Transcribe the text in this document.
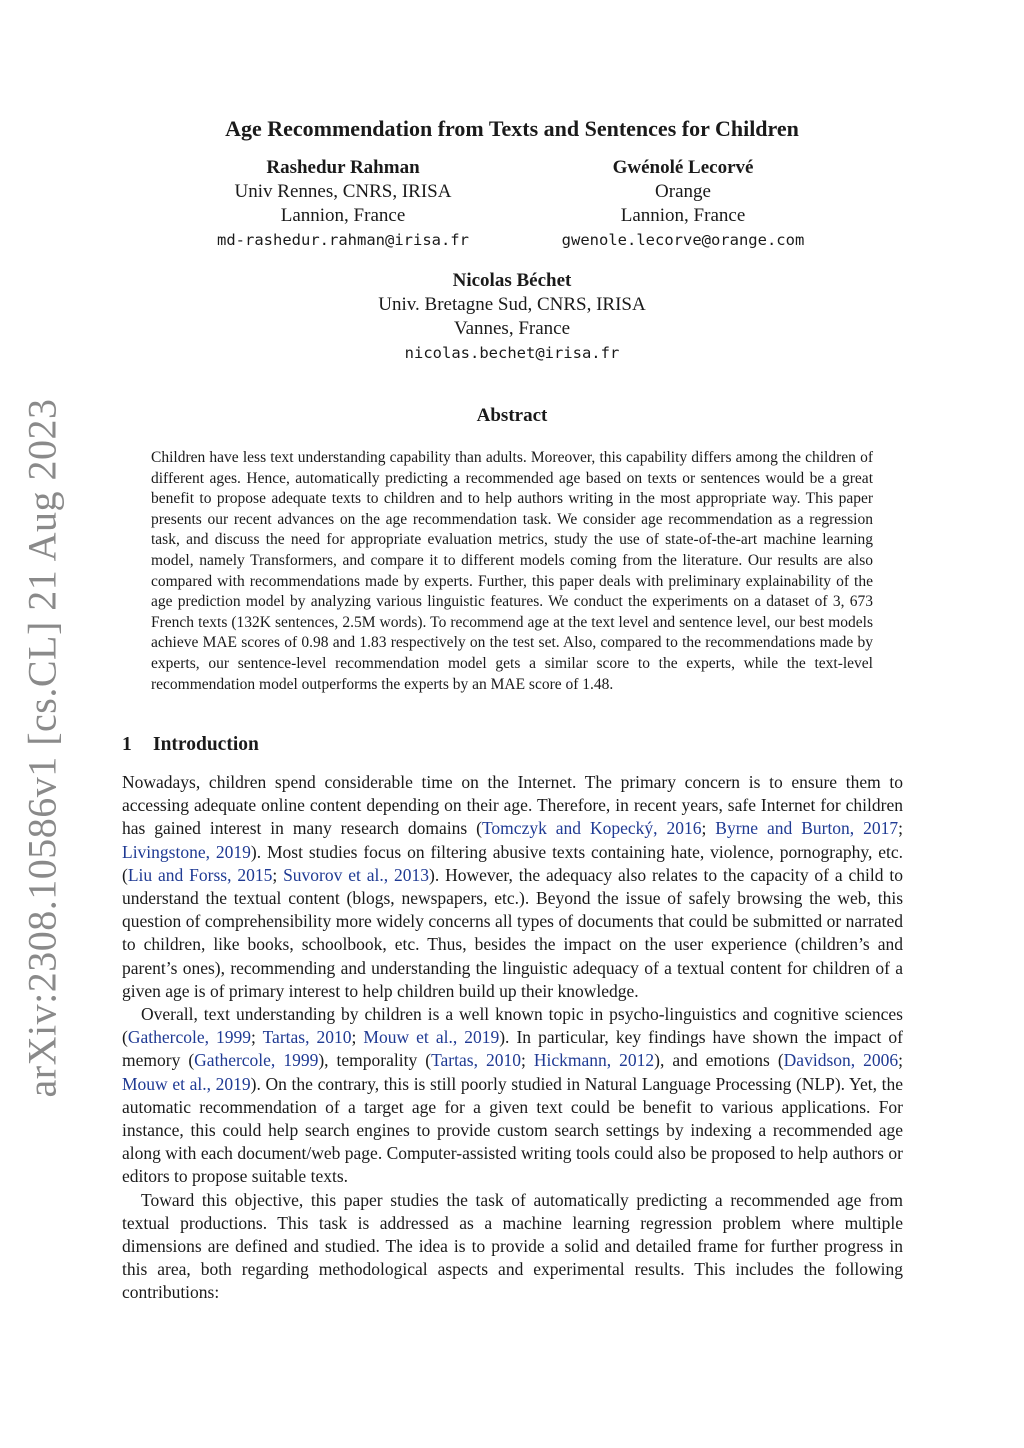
arXiv:2308.10586v1 [cs.CL] 21 Aug 2023
Age Recommendation from Texts and Sentences for Children
Rashedur Rahman
Univ Rennes, CNRS, IRISA
Lannion, France
md-rashedur.rahman@irisa.fr
Gwénolé Lecorvé
Orange
Lannion, France
gwenole.lecorve@orange.com
Nicolas Béchet
Univ. Bretagne Sud, CNRS, IRISA
Vannes, France
nicolas.bechet@irisa.fr
Abstract
Children have less text understanding capability than adults. Moreover, this capability differs among the children of different ages. Hence, automatically predicting a recommended age based on texts or sentences would be a great benefit to propose adequate texts to children and to help authors writing in the most appropriate way. This paper presents our recent advances on the age recommendation task. We consider age recommendation as a regression task, and discuss the need for appropriate evaluation metrics, study the use of state-of-the-art machine learning model, namely Transformers, and compare it to different models coming from the literature. Our results are also compared with recommendations made by experts. Further, this paper deals with preliminary explainability of the age prediction model by analyzing various linguistic features. We conduct the experiments on a dataset of 3, 673 French texts (132K sentences, 2.5M words). To recommend age at the text level and sentence level, our best models achieve MAE scores of 0.98 and 1.83 respectively on the test set. Also, compared to the recommendations made by experts, our sentence-level recommendation model gets a similar score to the experts, while the text-level recommendation model outperforms the experts by an MAE score of 1.48.
1 Introduction

Nowadays, children spend considerable time on the Internet. The primary concern is to ensure them to accessing adequate online content depending on their age. Therefore, in recent years, safe Internet for children has gained interest in many research domains (Tomczyk and Kopecký, 2016; Byrne and Burton, 2017; Livingstone, 2019). Most studies focus on filtering abusive texts containing hate, violence, pornography, etc. (Liu and Forss, 2015; Suvorov et al., 2013). However, the adequacy also relates to the capacity of a child to understand the textual content (blogs, newspapers, etc.). Beyond the issue of safely browsing the web, this question of comprehensibility more widely concerns all types of documents that could be submitted or narrated to children, like books, schoolbook, etc. Thus, besides the impact on the user experience (children’s and parent’s ones), recommending and understanding the linguistic adequacy of a textual content for children of a given age is of primary interest to help children build up their knowledge.

Overall, text understanding by children is a well known topic in psycho-linguistics and cognitive sciences (Gathercole, 1999; Tartas, 2010; Mouw et al., 2019). In particular, key findings have shown the impact of memory (Gathercole, 1999), temporality (Tartas, 2010; Hickmann, 2012), and emotions (Davidson, 2006; Mouw et al., 2019). On the contrary, this is still poorly studied in Natural Language Processing (NLP). Yet, the automatic recommendation of a target age for a given text could be benefit to various applications. For instance, this could help search engines to provide custom search settings by indexing a recommended age along with each document/web page. Computer-assisted writing tools could also be proposed to help authors or editors to propose suitable texts.

Toward this objective, this paper studies the task of automatically predicting a recommended age from textual productions. This task is addressed as a machine learning regression problem where multiple dimensions are defined and studied. The idea is to provide a solid and detailed frame for further progress in this area, both regarding methodological aspects and experimental results. This includes the following contributions:
